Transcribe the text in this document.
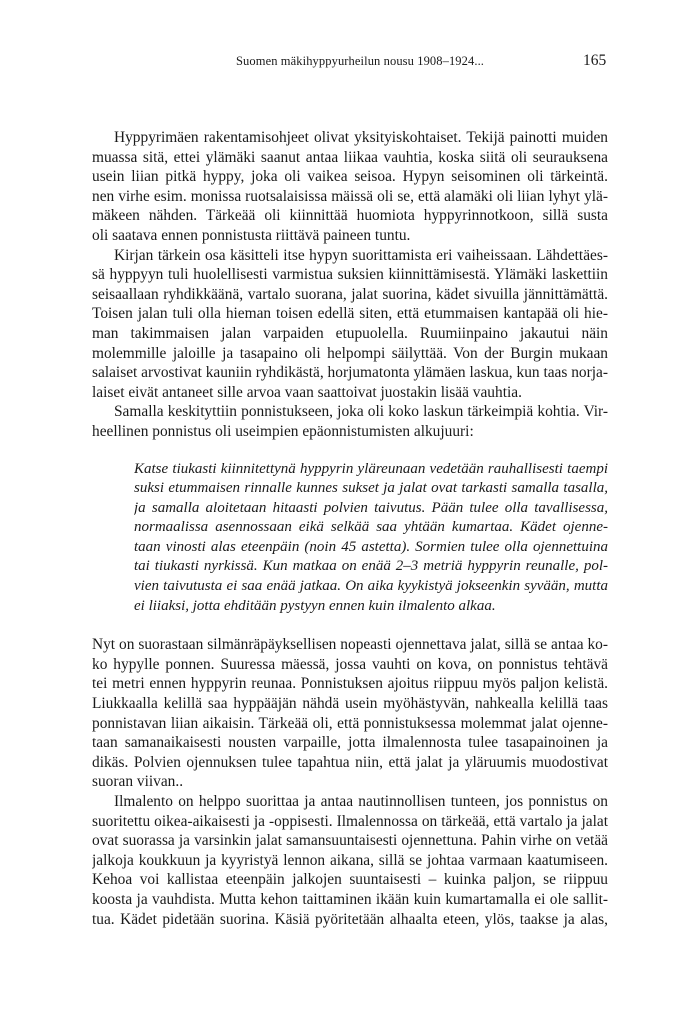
Suomen mäkihyppyurheilun nousu 1908–1924...	165
Hyppyrimäen rakentamisohjeet olivat yksityiskohtaiset. Tekijä painotti muiden
muassa sitä, ettei ylämäki saanut antaa liikaa vauhtia, koska siitä oli seurauksena
usein liian pitkä hyppy, joka oli vaikea seisoa. Hypyn seisominen oli tärkeintä.
nen virhe esim. monissa ruotsalaisissa mäissä oli se, että alamäki oli liian lyhyt ylä-
mäkeen nähden. Tärkeää oli kiinnittää huomiota hyppyrinnotkoon, sillä susta
oli saatava ennen ponnistusta riittävä paineen tuntu.
Kirjan tärkein osa käsitteli itse hypyn suorittamista eri vaiheissaan. Lähdettäes-
sä hyppyyn tuli huolellisesti varmistua suksien kiinnittämisestä. Ylämäki laskettiin
seisaallaan ryhdikkäänä, vartalo suorana, jalat suorina, kädet sivuilla jännittämättä.
Toisen jalan tuli olla hieman toisen edellä siten, että etummaisen kantapää oli hie-
man takimmaisen jalan varpaiden etupuolella. Ruumiinpaino jakautui näin
molemmille jaloille ja tasapaino oli helpompi säilyttää. Von der Burgin mukaan
salaiset arvostivat kauniin ryhdikästä, horjumatonta ylämäen laskua, kun taas norja-
laiset eivät antaneet sille arvoa vaan saattoivat juostakin lisää vauhtia.
Samalla keskityttiin ponnistukseen, joka oli koko laskun tärkeimpiä kohtia. Vir-
heellinen ponnistus oli useimpien epäonnistumisten alkujuuri:
Katse tiukasti kiinnitettynä hyppyrin yläreunaan vedetään rauhallisesti taempi
suksi etummaisen rinnalle kunnes sukset ja jalat ovat tarkasti samalla tasalla,
ja samalla aloitetaan hitaasti polvien taivutus. Pään tulee olla tavallisessa,
normaalissa asennossaan eikä selkää saa yhtään kumartaa. Kädet ojenne-
taan vinosti alas eteenpäin (noin 45 astetta). Sormien tulee olla ojennettuina
tai tiukasti nyrkissä. Kun matkaa on enää 2–3 metriä hyppyrin reunalle, pol-
vien taivutusta ei saa enää jatkaa. On aika kyykistyä jokseenkin syvään, mutta
ei liiaksi, jotta ehditään pystyyn ennen kuin ilmalento alkaa.
Nyt on suorastaan silmänräpäyksellisen nopeasti ojennettava jalat, sillä se antaa ko-
ko hypylle ponnen. Suuressa mäessä, jossa vauhti on kova, on ponnistus tehtävä
tei metri ennen hyppyrin reunaa. Ponnistuksen ajoitus riippuu myös paljon kelistä.
Liukkaalla kelillä saa hyppääjän nähdä usein myöhästyvän, nahkealla kelillä taas
ponnistavan liian aikaisin. Tärkeää oli, että ponnistuksessa molemmat jalat ojenne-
taan samanaikaisesti nousten varpaille, jotta ilmalennosta tulee tasapainoinen ja
dikäs. Polvien ojennuksen tulee tapahtua niin, että jalat ja yläruumis muodostivat
suoran viivan..
Ilmalento on helppo suorittaa ja antaa nautinnollisen tunteen, jos ponnistus on
suoritettu oikea-aikaisesti ja -oppisesti. Ilmalennossa on tärkeää, että vartalo ja jalat
ovat suorassa ja varsinkin jalat samansuuntaisesti ojennettuna. Pahin virhe on vetää
jalkoja koukkuun ja kyyristyä lennon aikana, sillä se johtaa varmaan kaatumiseen.
Kehoa voi kallistaa eteenpäin jalkojen suuntaisesti – kuinka paljon, se riippuu
koosta ja vauhdista. Mutta kehon taittaminen ikään kuin kumartamalla ei ole sallit-
tua. Kädet pidetään suorina. Käsiä pyöritetään alhaalta eteen, ylös, taakse ja alas,
